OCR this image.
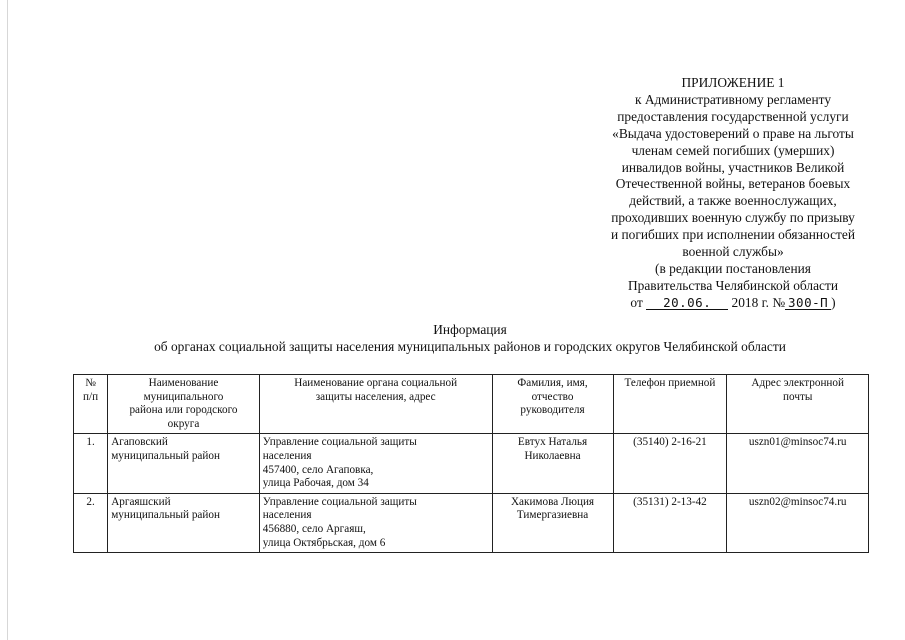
ПРИЛОЖЕНИЕ 1
к Административному регламенту
предоставления государственной услуги
«Выдача удостоверений о праве на льготы
членам семей погибших (умерших)
инвалидов войны, участников Великой
Отечественной войны, ветеранов боевых
действий, а также военнослужащих,
проходивших военную службу по призыву
и погибших при исполнении обязанностей
военной службы»
(в редакции постановления
Правительства Челябинской области
от 20.06. 2018 г. № 300-П )
Информация
об органах социальной защиты населения муниципальных районов и городских округов Челябинской области
№
п/п	Наименование
муниципального
района или городского
округа	Наименование органа социальной
защиты населения, адрес	Фамилия, имя,
отчество
руководителя	Телефон приемной	Адрес электронной
почты

1.	Агаповский
муниципальный район	Управление социальной защиты
населения
457400, село Агаповка,
улица Рабочая, дом 34	Евтух Наталья
Николаевна	(35140) 2-16-21	uszn01@minsoc74.ru
2.	Аргаяшский
муниципальный район	Управление социальной защиты
населения
456880, село Аргаяш,
улица Октябрьская, дом 6	Хакимова Люция
Тимергазиевна	(35131) 2-13-42	uszn02@minsoc74.ru
